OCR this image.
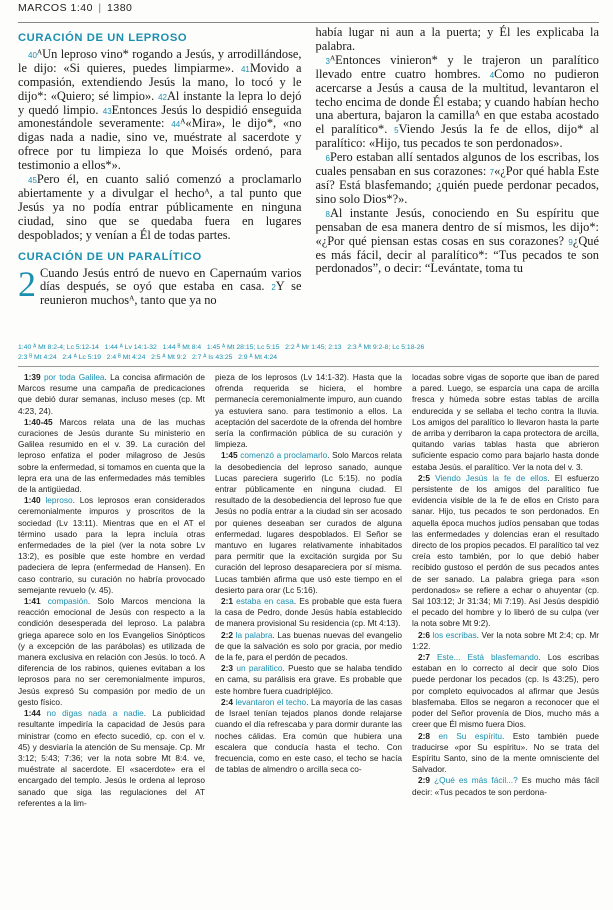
MARCOS 1:40 | 1380
CURACIÓN DE UN LEPROSO

$^{40}$ᴬUn leproso vino* rogando a Jesús, y arrodillándose, le dijo: «Si quieres, puedes limpiarme». $^{41}$Movido a compasión, extendiendo Jesús la mano, lo tocó y le dijo*: «Quiero; sé limpio». $^{42}$Al instante la lepra lo dejó y quedó limpio. $^{43}$Entonces Jesús lo despidió enseguida amonestándole severamente: $^{44}$ᴬ«Mira», le dijo*, «no digas nada a nadie, sino ve, muéstrate al sacerdote y ofrece por tu limpieza lo que Moisés ordenó, para testimonio a ellos*».

$^{45}$Pero él, en cuanto salió comenzó a proclamarlo abiertamente y a divulgar el hechoᴬ, a tal punto que Jesús ya no podía entrar públicamente en ninguna ciudad, sino que se quedaba fuera en lugares despoblados; y venían a Él de todas partes.

CURACIÓN DE UN PARALÍTICO

2 Cuando Jesús entró de nuevo en Capernaúm varios días después, se oyó que estaba en casa. $^2$Y se reunieron muchosᴬ, tanto que ya no

había lugar ni aun a la puerta; y Él les explicaba la palabra.

$^3$ᴬEntonces vinieron* y le trajeron un paralítico llevado entre cuatro hombres. $^4$Como no pudieron acercarse a Jesús a causa de la multitud, levantaron el techo encima de donde Él estaba; y cuando habían hecho una abertura, bajaron la camillaᴬ en que estaba acostado el paralítico*. $^5$Viendo Jesús la fe de ellos, dijo* al paralítico: «Hijo, tus pecados te son perdonados».

$^6$Pero estaban allí sentados algunos de los escribas, los cuales pensaban en sus corazones: $^7$«¿Por qué habla Este así? Está blasfemando; ¿quién puede perdonar pecados, sino solo Dios*?».

$^8$Al instante Jesús, conociendo en Su espíritu que pensaban de esa manera dentro de sí mismos, les dijo*: «¿Por qué piensan estas cosas en sus corazones? $^9$¿Qué es más fácil, decir al paralítico*: “Tus pecados te son perdonados”, o decir: “Levántate, toma tu

1:40 ᴬ Mt 8:2-4; Lc 5:12-14 1:44 ᴬ Lv 14:1-32 1:44 ᴮ Mt 8:4 1:45 ᴬ Mt 28:15; Lc 5:15 2:2 ᴬ Mr 1:45; 2:13 2:3 ᴬ Mt 9:2-8; Lc 5:18-26
2:3 ᴮ Mt 4:24 2:4 ᴬ Lc 5:19 2:4 ᴮ Mt 4:24 2:5 ᴬ Mt 9:2 2:7 ᴬ Is 43:25 2:9 ᴬ Mt 4:24

1:39 por toda Galilea. La concisa afirmación de Marcos resume una campaña de predicaciones que debió durar semanas, incluso meses (cp. Mt 4:23, 24).

1:40-45 Marcos relata una de las muchas curaciones de Jesús durante Su ministerio en Galilea resumido en el v. 39. La curación del leproso enfatiza el poder milagroso de Jesús sobre la enfermedad, si tomamos en cuenta que la lepra era una de las enfermedades más temibles de la antigüedad.

1:40 leproso. Los leprosos eran considerados ceremonialmente impuros y proscritos de la sociedad (Lv 13:11). Mientras que en el AT el término usado para la lepra incluía otras enfermedades de la piel (ver la nota sobre Lv 13:2), es posible que este hombre en verdad padeciera de lepra (enfermedad de Hansen). En caso contrario, su curación no habría provocado semejante revuelo (v. 45).

1:41 compasión. Solo Marcos menciona la reacción emocional de Jesús con respecto a la condición desesperada del leproso. La palabra griega aparece solo en los Evangelios Sinópticos (y a excepción de las parábolas) es utilizada de manera exclusiva en relación con Jesús. lo tocó. A diferencia de los rabinos, quienes evitaban a los leprosos para no ser ceremonialmente impuros, Jesús expresó Su compasión por medio de un gesto físico.

1:44 no digas nada a nadie. La publicidad resultante impediría la capacidad de Jesús para ministrar (como en efecto sucedió, cp. con el v. 45) y desviaría la atención de Su mensaje. Cp. Mr 3:12; 5:43; 7:36; ver la nota sobre Mt 8:4. ve, muéstrate al sacerdote. El «sacerdote» era el encargado del templo. Jesús le ordena al leproso sanado que siga las regulaciones del AT referentes a la lim-

pieza de los leprosos (Lv 14:1-32). Hasta que la ofrenda requerida se hiciera, el hombre permanecía ceremonialmente impuro, aun cuando ya estuviera sano. para testimonio a ellos. La aceptación del sacerdote de la ofrenda del hombre sería la confirmación pública de su curación y limpieza.

1:45 comenzó a proclamarlo. Solo Marcos relata la desobediencia del leproso sanado, aunque Lucas pareciera sugerirlo (Lc 5:15). no podía entrar públicamente en ninguna ciudad. El resultado de la desobediencia del leproso fue que Jesús no podía entrar a la ciudad sin ser acosado por quienes deseaban ser curados de alguna enfermedad. lugares despoblados. El Señor se mantuvo en lugares relativamente inhabitados para permitir que la excitación surgida por Su curación del leproso desapareciera por sí misma. Lucas también afirma que usó este tiempo en el desierto para orar (Lc 5:16).

2:1 estaba en casa. Es probable que esta fuera la casa de Pedro, donde Jesús había establecido de manera provisional Su residencia (cp. Mt 4:13).

2:2 la palabra. Las buenas nuevas del evangelio de que la salvación es solo por gracia, por medio de la fe, para el perdón de pecados.

2:3 un paralítico. Puesto que se halaba tendido en cama, su parálisis era grave. Es probable que este hombre fuera cuadripléjico.

2:4 levantaron el techo. La mayoría de las casas de Israel tenían tejados planos donde relajarse cuando el día refrescaba y para dormir durante las noches cálidas. Era común que hubiera una escalera que conducía hasta el techo. Con frecuencia, como en este caso, el techo se hacía de tablas de almendro o arcilla seca co-

locadas sobre vigas de soporte que iban de pared a pared. Luego, se esparcía una capa de arcilla fresca y húmeda sobre estas tablas de arcilla endurecida y se sellaba el techo contra la lluvia. Los amigos del paralítico lo llevaron hasta la parte de arriba y derribaron la capa protectora de arcilla, quitando varias tablas hasta que abrieron suficiente espacio como para bajarlo hasta donde estaba Jesús. el paralítico. Ver la nota del v. 3.

2:5 Viendo Jesús la fe de ellos. El esfuerzo persistente de los amigos del paralítico fue evidencia visible de la fe de ellos en Cristo para sanar. Hijo, tus pecados te son perdonados. En aquella época muchos judíos pensaban que todas las enfermedades y dolencias eran el resultado directo de los propios pecados. El paralítico tal vez creía esto también, por lo que debió haber recibido gustoso el perdón de sus pecados antes de ser sanado. La palabra griega para «son perdonados» se refiere a echar o ahuyentar (cp. Sal 103:12; Jr 31:34; Mi 7:19). Así Jesús despidió el pecado del hombre y lo liberó de su culpa (ver la nota sobre Mt 9:2).

2:6 los escribas. Ver la nota sobre Mt 2:4; cp. Mr 1:22.

2:7 Este... Está blasfemando. Los escribas estaban en lo correcto al decir que solo Dios puede perdonar los pecados (cp. Is 43:25), pero por completo equivocados al afirmar que Jesús blasfemaba. Ellos se negaron a reconocer que el poder del Señor provenía de Dios, mucho más a creer que Él mismo fuera Dios.

2:8 en Su espíritu. Esto también puede traducirse «por Su espíritu». No se trata del Espíritu Santo, sino de la mente omnisciente del Salvador.

2:9 ¿Qué es más fácil...? Es mucho más fácil decir: «Tus pecados te son perdona-
